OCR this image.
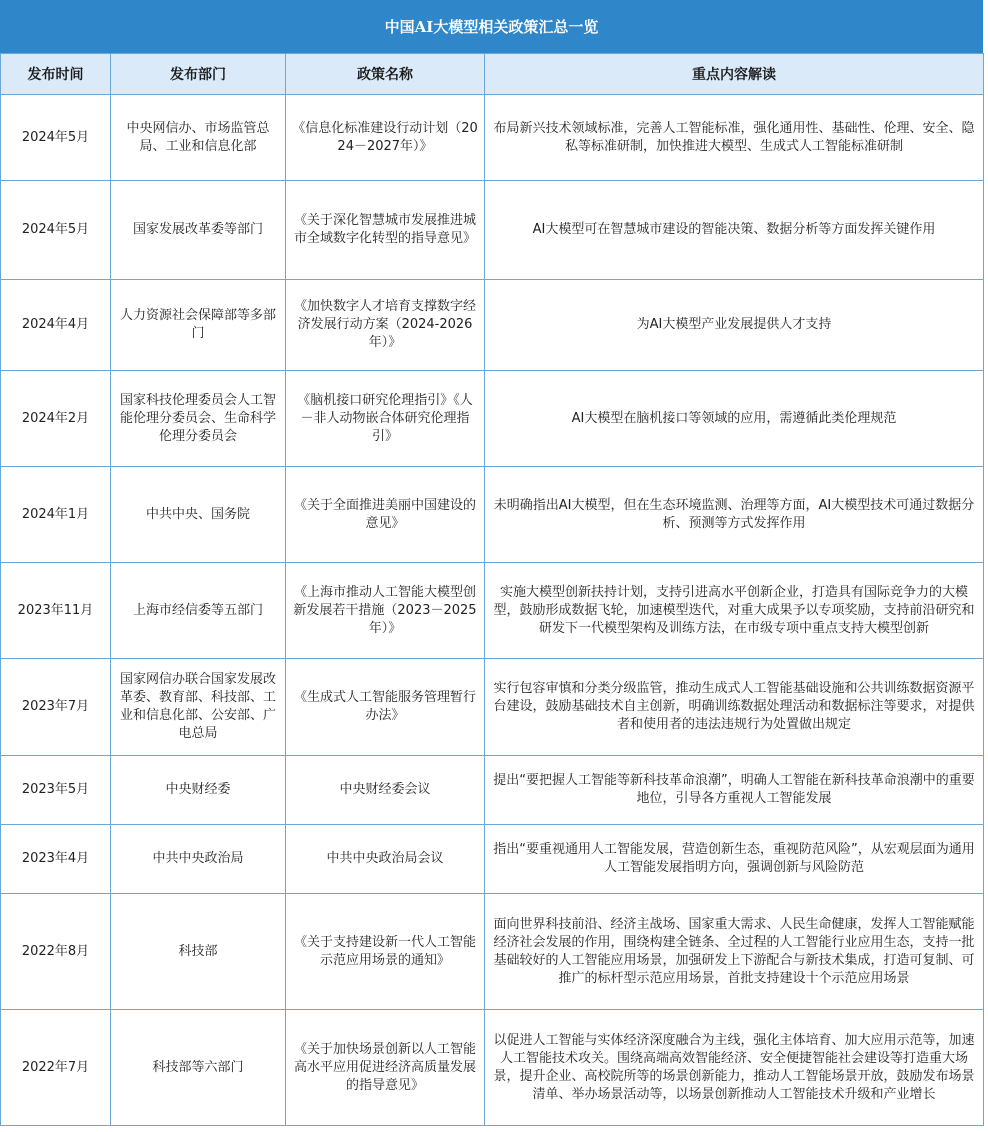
中国AI大模型相关政策汇总一览
发布时间	发布部门	政策名称	重点内容解读
2024年5月	中央网信办、市场监管总局、工业和信息化部	《信息化标准建设行动计划（2024－2027年）》	布局新兴技术领域标准，完善人工智能标准，强化通用性、基础性、伦理、安全、隐私等标准研制，加快推进大模型、生成式人工智能标准研制
2024年5月	国家发展改革委等部门	《关于深化智慧城市发展推进城市全域数字化转型的指导意见》	AI大模型可在智慧城市建设的智能决策、数据分析等方面发挥关键作用
2024年4月	人力资源社会保障部等多部门	《加快数字人才培育支撑数字经济发展行动方案（2024-2026年）》	为AI大模型产业发展提供人才支持
2024年2月	国家科技伦理委员会人工智能伦理分委员会、生命科学伦理分委员会	《脑机接口研究伦理指引》《人－非人动物嵌合体研究伦理指引》	AI大模型在脑机接口等领域的应用，需遵循此类伦理规范
2024年1月	中共中央、国务院	《关于全面推进美丽中国建设的意见》	未明确指出AI大模型，但在生态环境监测、治理等方面，AI大模型技术可通过数据分析、预测等方式发挥作用
2023年11月	上海市经信委等五部门	《上海市推动人工智能大模型创新发展若干措施（2023－2025年）》	实施大模型创新扶持计划，支持引进高水平创新企业，打造具有国际竞争力的大模型，鼓励形成数据飞轮，加速模型迭代，对重大成果予以专项奖励，支持前沿研究和研发下一代模型架构及训练方法，在市级专项中重点支持大模型创新
2023年7月	国家网信办联合国家发展改革委、教育部、科技部、工业和信息化部、公安部、广电总局	《生成式人工智能服务管理暂行办法》	实行包容审慎和分类分级监管，推动生成式人工智能基础设施和公共训练数据资源平台建设，鼓励基础技术自主创新，明确训练数据处理活动和数据标注等要求，对提供者和使用者的违法违规行为处置做出规定
2023年5月	中央财经委	中央财经委会议	提出“要把握人工智能等新科技革命浪潮”，明确人工智能在新科技革命浪潮中的重要地位，引导各方重视人工智能发展
2023年4月	中共中央政治局	中共中央政治局会议	指出“要重视通用人工智能发展，营造创新生态，重视防范风险”，从宏观层面为通用人工智能发展指明方向，强调创新与风险防范
2022年8月	科技部	《关于支持建设新一代人工智能示范应用场景的通知》	面向世界科技前沿、经济主战场、国家重大需求、人民生命健康，发挥人工智能赋能经济社会发展的作用，围绕构建全链条、全过程的人工智能行业应用生态，支持一批基础较好的人工智能应用场景，加强研发上下游配合与新技术集成，打造可复制、可推广的标杆型示范应用场景，首批支持建设十个示范应用场景
2022年7月	科技部等六部门	《关于加快场景创新以人工智能高水平应用促进经济高质量发展的指导意见》	以促进人工智能与实体经济深度融合为主线，强化主体培育、加大应用示范等，加速人工智能技术攻关。围绕高端高效智能经济、安全便捷智能社会建设等打造重大场景，提升企业、高校院所等的场景创新能力，推动人工智能场景开放，鼓励发布场景清单、举办场景活动等，以场景创新推动人工智能技术升级和产业增长
